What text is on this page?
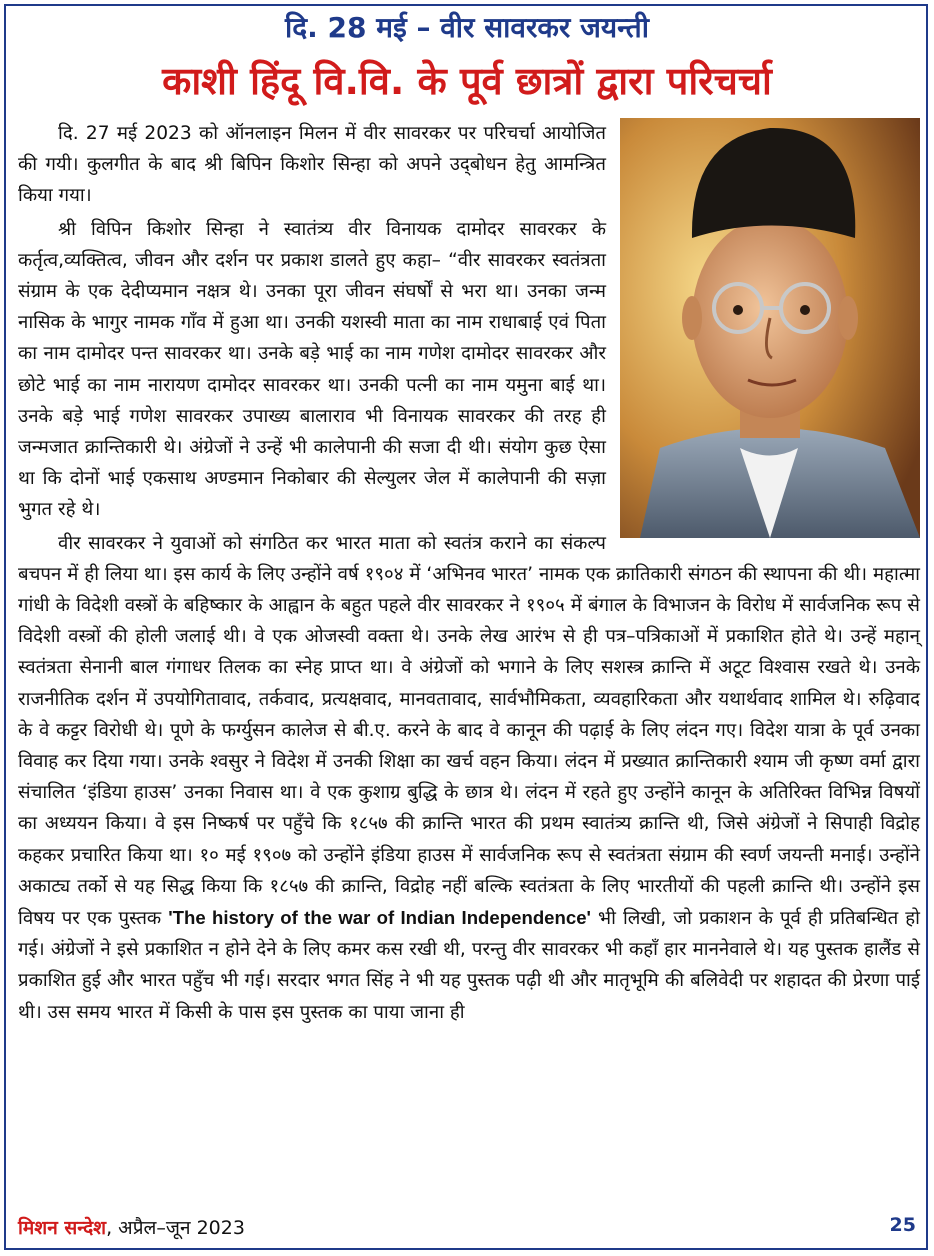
दि. 28 मई – वीर सावरकर जयन्ती
काशी हिंदू वि.वि. के पूर्व छात्रों द्वारा परिचर्चा

दि. 27 मई 2023 को ऑनलाइन मिलन में वीर सावरकर पर परिचर्चा आयोजित की गयी। कुलगीत के बाद श्री बिपिन किशोर सिन्हा को अपने उद्‌बोधन हेतु आमन्त्रित किया गया।

श्री विपिन किशोर सिन्हा ने स्वातंत्र्य वीर विनायक दामोदर सावरकर के कर्तृत्व,व्यक्तित्व, जीवन और दर्शन पर प्रकाश डालते हुए कहा– “वीर सावरकर स्वतंत्रता संग्राम के एक देदीप्यमान नक्षत्र थे। उनका पूरा जीवन संघर्षों से भरा था। उनका जन्म नासिक के भागुर नामक गाँव में हुआ था। उनकी यशस्वी माता का नाम राधाबाई एवं पिता का नाम दामोदर पन्त सावरकर था। उनके बड़े भाई का नाम गणेश दामोदर सावरकर और छोटे भाई का नाम नारायण दामोदर सावरकर था। उनकी पत्नी का नाम यमुना बाई था। उनके बड़े भाई गणेश सावरकर उपाख्य बालाराव भी विनायक सावरकर की तरह ही जन्मजात क्रान्तिकारी थे। अंग्रेजों ने उन्हें भी कालेपानी की सजा दी थी। संयोग कुछ ऐसा था कि दोनों भाई एकसाथ अण्डमान निकोबार की सेल्युलर जेल में कालेपानी की सज़ा भुगत रहे थे।

वीर सावरकर ने युवाओं को संगठित कर भारत माता को स्वतंत्र कराने का संकल्प बचपन में ही लिया था। इस कार्य के लिए उन्होंने वर्ष १९०४ में ‘अभिनव भारत’ नामक एक क्रातिकारी संगठन की स्थापना की थी। महात्मा गांधी के विदेशी वस्त्रों के बहिष्कार के आह्वान के बहुत पहले वीर सावरकर ने १९०५ में बंगाल के विभाजन के विरोध में सार्वजनिक रूप से विदेशी वस्त्रों की होली जलाई थी। वे एक ओजस्वी वक्ता थे। उनके लेख आरंभ से ही पत्र–पत्रिकाओं में प्रकाशित होते थे। उन्हें महान् स्वतंत्रता सेनानी बाल गंगाधर तिलक का स्नेह प्राप्त था। वे अंग्रेजों को भगाने के लिए सशस्त्र क्रान्ति में अटूट विश्वास रखते थे। उनके राजनीतिक दर्शन में उपयोगितावाद, तर्कवाद, प्रत्यक्षवाद, मानवतावाद, सार्वभौमिकता, व्यवहारिकता और यथार्थवाद शामिल थे। रुढ़िवाद के वे कट्टर विरोधी थे। पूणे के फर्ग्युसन कालेज से बी.ए. करने के बाद वे कानून की पढ़ाई के लिए लंदन गए। विदेश यात्रा के पूर्व उनका विवाह कर दिया गया। उनके श्वसुर ने विदेश में उनकी शिक्षा का खर्च वहन किया। लंदन में प्रख्यात क्रान्तिकारी श्याम जी कृष्ण वर्मा द्वारा संचालित ‘इंडिया हाउस’ उनका निवास था। वे एक कुशाग्र बुद्धि के छात्र थे। लंदन में रहते हुए उन्होंने कानून के अतिरिक्त विभिन्न विषयों का अध्ययन किया। वे इस निष्कर्ष पर पहुँचे कि १८५७ की क्रान्ति भारत की प्रथम स्वातंत्र्य क्रान्ति थी, जिसे अंग्रेजों ने सिपाही विद्रोह कहकर प्रचारित किया था। १० मई १९०७ को उन्होंने इंडिया हाउस में सार्वजनिक रूप से स्वतंत्रता संग्राम की स्वर्ण जयन्ती मनाई। उन्होंने अकाट्य तर्को से यह सिद्ध किया कि १८५७ की क्रान्ति, विद्रोह नहीं बल्कि स्वतंत्रता के लिए भारतीयों की पहली क्रान्ति थी। उन्होंने इस विषय पर एक पुस्तक 'The history of the war of Indian Independence' भी लिखी, जो प्रकाशन के पूर्व ही प्रतिबन्धित हो गई। अंग्रेजों ने इसे प्रकाशित न होने देने के लिए कमर कस रखी थी, परन्तु वीर सावरकर भी कहाँ हार माननेवाले थे। यह पुस्तक हालैंड से प्रकाशित हुई और भारत पहुँच भी गई। सरदार भगत सिंह ने भी यह पुस्तक पढ़ी थी और मातृभूमि की बलिवेदी पर शहादत की प्रेरणा पाई थी। उस समय भारत में किसी के पास इस पुस्तक का पाया जाना ही

मिशन सन्देश, अप्रैल–जून 2023	25
